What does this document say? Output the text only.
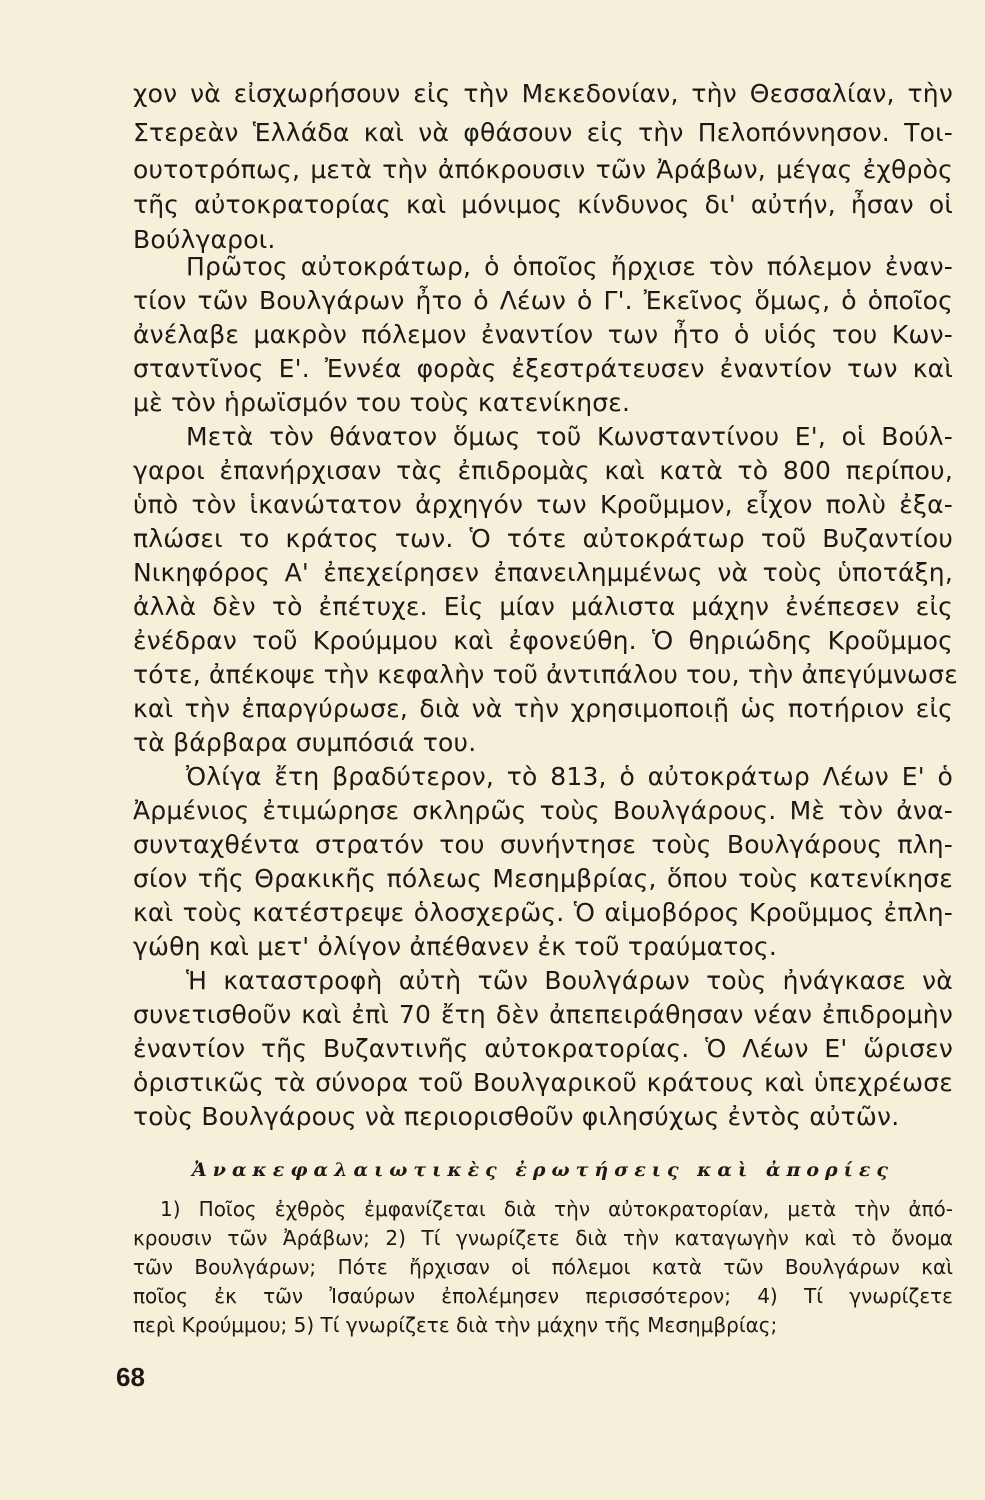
χον νὰ εἰσχωρήσουν εἰς τὴν Μεκεδονίαν, τὴν Θεσσαλίαν, τὴν
Στερεὰν Ἑλλάδα καὶ νὰ φθάσουν εἰς τὴν Πελοπόννησον. Τοι-
ουτοτρόπως, μετὰ τὴν ἀπόκρουσιν τῶν Ἀράβων, μέγας ἐχθρὸς
τῆς αὐτοκρατορίας καὶ μόνιμος κίνδυνος δι' αὐτήν, ἦσαν οἱ
Βούλγαροι.
Πρῶτος αὐτοκράτωρ, ὁ ὁποῖος ἤρχισε τὸν πόλεμον ἐναν-
τίον τῶν Βουλγάρων ἦτο ὁ Λέων ὁ Γ'. Ἐκεῖνος ὅμως, ὁ ὁποῖος
ἀνέλαβε μακρὸν πόλεμον ἐναντίον των ἦτο ὁ υἱός του Κων-
σταντῖνος Ε'. Ἐννέα φορὰς ἐξεστράτευσεν ἐναντίον των καὶ
μὲ τὸν ἡρωϊσμόν του τοὺς κατενίκησε.
Μετὰ τὸν θάνατον ὅμως τοῦ Κωνσταντίνου Ε', οἱ Βούλ-
γαροι ἐπανήρχισαν τὰς ἐπιδρομὰς καὶ κατὰ τὸ 800 περίπου,
ὑπὸ τὸν ἱκανώτατον ἀρχηγόν των Κροῦμμον, εἶχον πολὺ ἐξα-
πλώσει το κράτος των. Ὁ τότε αὐτοκράτωρ τοῦ Βυζαντίου
Νικηφόρος Α' ἐπεχείρησεν ἐπανειλημμένως νὰ τοὺς ὑποτάξη,
ἀλλὰ δὲν τὸ ἐπέτυχε. Εἰς μίαν μάλιστα μάχην ἐνέπεσεν εἰς
ἐνέδραν τοῦ Κρούμμου καὶ ἐφονεύθη. Ὁ θηριώδης Κροῦμμος
τότε, ἀπέκοψε τὴν κεφαλὴν τοῦ ἀντιπάλου του, τὴν ἀπεγύμνωσε
καὶ τὴν ἐπαργύρωσε, διὰ νὰ τὴν χρησιμοποιῇ ὡς ποτήριον εἰς
τὰ βάρβαρα συμπόσιά του.
Ὀλίγα ἔτη βραδύτερον, τὸ 813, ὁ αὐτοκράτωρ Λέων Ε' ὁ
Ἀρμένιος ἐτιμώρησε σκληρῶς τοὺς Βουλγάρους. Μὲ τὸν ἀνα-
συνταχθέντα στρατόν του συνήντησε τοὺς Βουλγάρους πλη-
σίον τῆς Θρακικῆς πόλεως Μεσημβρίας, ὅπου τοὺς κατενίκησε
καὶ τοὺς κατέστρεψε ὁλοσχερῶς. Ὁ αἱμοβόρος Κροῦμμος ἐπλη-
γώθη καὶ μετ' ὀλίγον ἀπέθανεν ἐκ τοῦ τραύματος.
Ἡ καταστροφὴ αὐτὴ τῶν Βουλγάρων τοὺς ἠνάγκασε νὰ
συνετισθοῦν καὶ ἐπὶ 70 ἔτη δὲν ἀπεπειράθησαν νέαν ἐπιδρομὴν
ἐναντίον τῆς Βυζαντινῆς αὐτοκρατορίας. Ὁ Λέων Ε' ὥρισεν
ὁριστικῶς τὰ σύνορα τοῦ Βουλγαρικοῦ κράτους καὶ ὑπεχρέωσε
τοὺς Βουλγάρους νὰ περιορισθοῦν φιλησύχως ἐντὸς αὐτῶν.
Ἀνακεφαλαιωτικὲς ἐρωτήσεις καὶ ἀπορίες
1) Ποῖος ἐχθρὸς ἐμφανίζεται διὰ τὴν αὐτοκρατορίαν, μετὰ τὴν ἀπό-
κρουσιν τῶν Ἀράβων; 2) Τί γνωρίζετε διὰ τὴν καταγωγὴν καὶ τὸ ὄνομα
τῶν Βουλγάρων; Πότε ἤρχισαν οἱ πόλεμοι κατὰ τῶν Βουλγάρων καὶ
ποῖος ἐκ τῶν Ἰσαύρων ἐπολέμησεν περισσότερον; 4) Τί γνωρίζετε
περὶ Κρούμμου; 5) Τί γνωρίζετε διὰ τὴν μάχην τῆς Μεσημβρίας;
68
